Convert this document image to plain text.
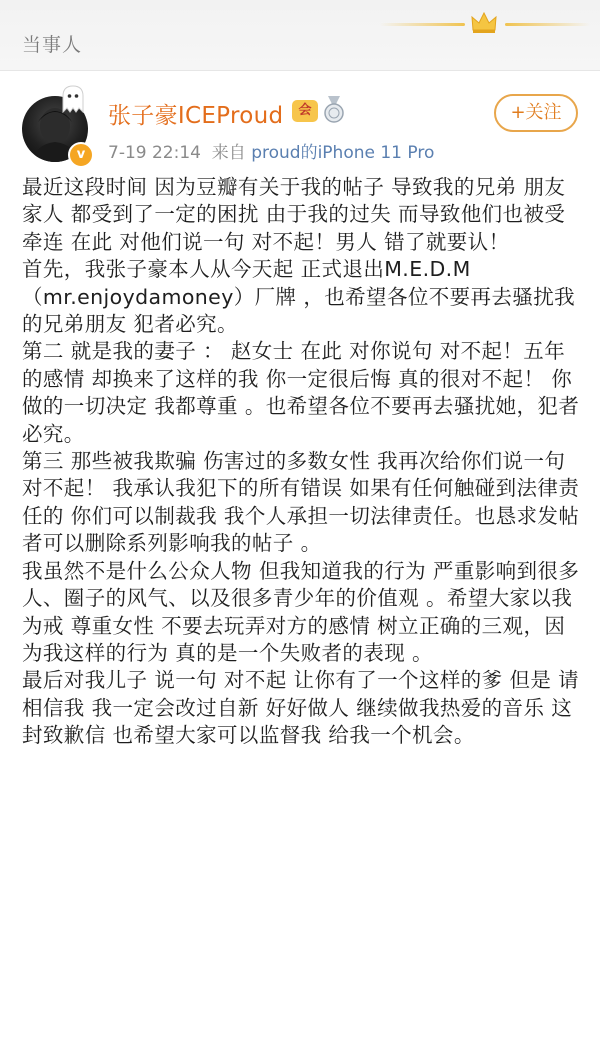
当事人
v
张子豪ICEProud	会
7-19 22:14 来自 proud的iPhone 11 Pro
+关注

最近这段时间 因为豆瓣有关于我的帖子 导致我的兄弟 朋友 家人 都受到了一定的困扰 由于我的过失 而导致他们也被受牵连 在此 对他们说一句 对不起！男人 错了就要认！

首先，我张子豪本人从今天起 正式退出M.E.D.M（mr.enjoydamoney）厂牌 ，也希望各位不要再去骚扰我的兄弟朋友 犯者必究。

第二 就是我的妻子 ： 赵女士 在此 对你说句 对不起！五年的感情 却换来了这样的我 你一定很后悔 真的很对不起！ 你做的一切决定 我都尊重 。也希望各位不要再去骚扰她，犯者必究。

第三 那些被我欺骗 伤害过的多数女性 我再次给你们说一句 对不起！ 我承认我犯下的所有错误 如果有任何触碰到法律责任的 你们可以制裁我 我个人承担一切法律责任。也恳求发帖者可以删除系列影响我的帖子 。

我虽然不是什么公众人物 但我知道我的行为 严重影响到很多人、圈子的风气、以及很多青少年的价值观 。希望大家以我为戒 尊重女性 不要去玩弄对方的感情 树立正确的三观，因为我这样的行为 真的是一个失败者的表现 。

最后对我儿子 说一句 对不起 让你有了一个这样的爹 但是 请相信我 我一定会改过自新 好好做人 继续做我热爱的音乐 这封致歉信 也希望大家可以监督我 给我一个机会。
